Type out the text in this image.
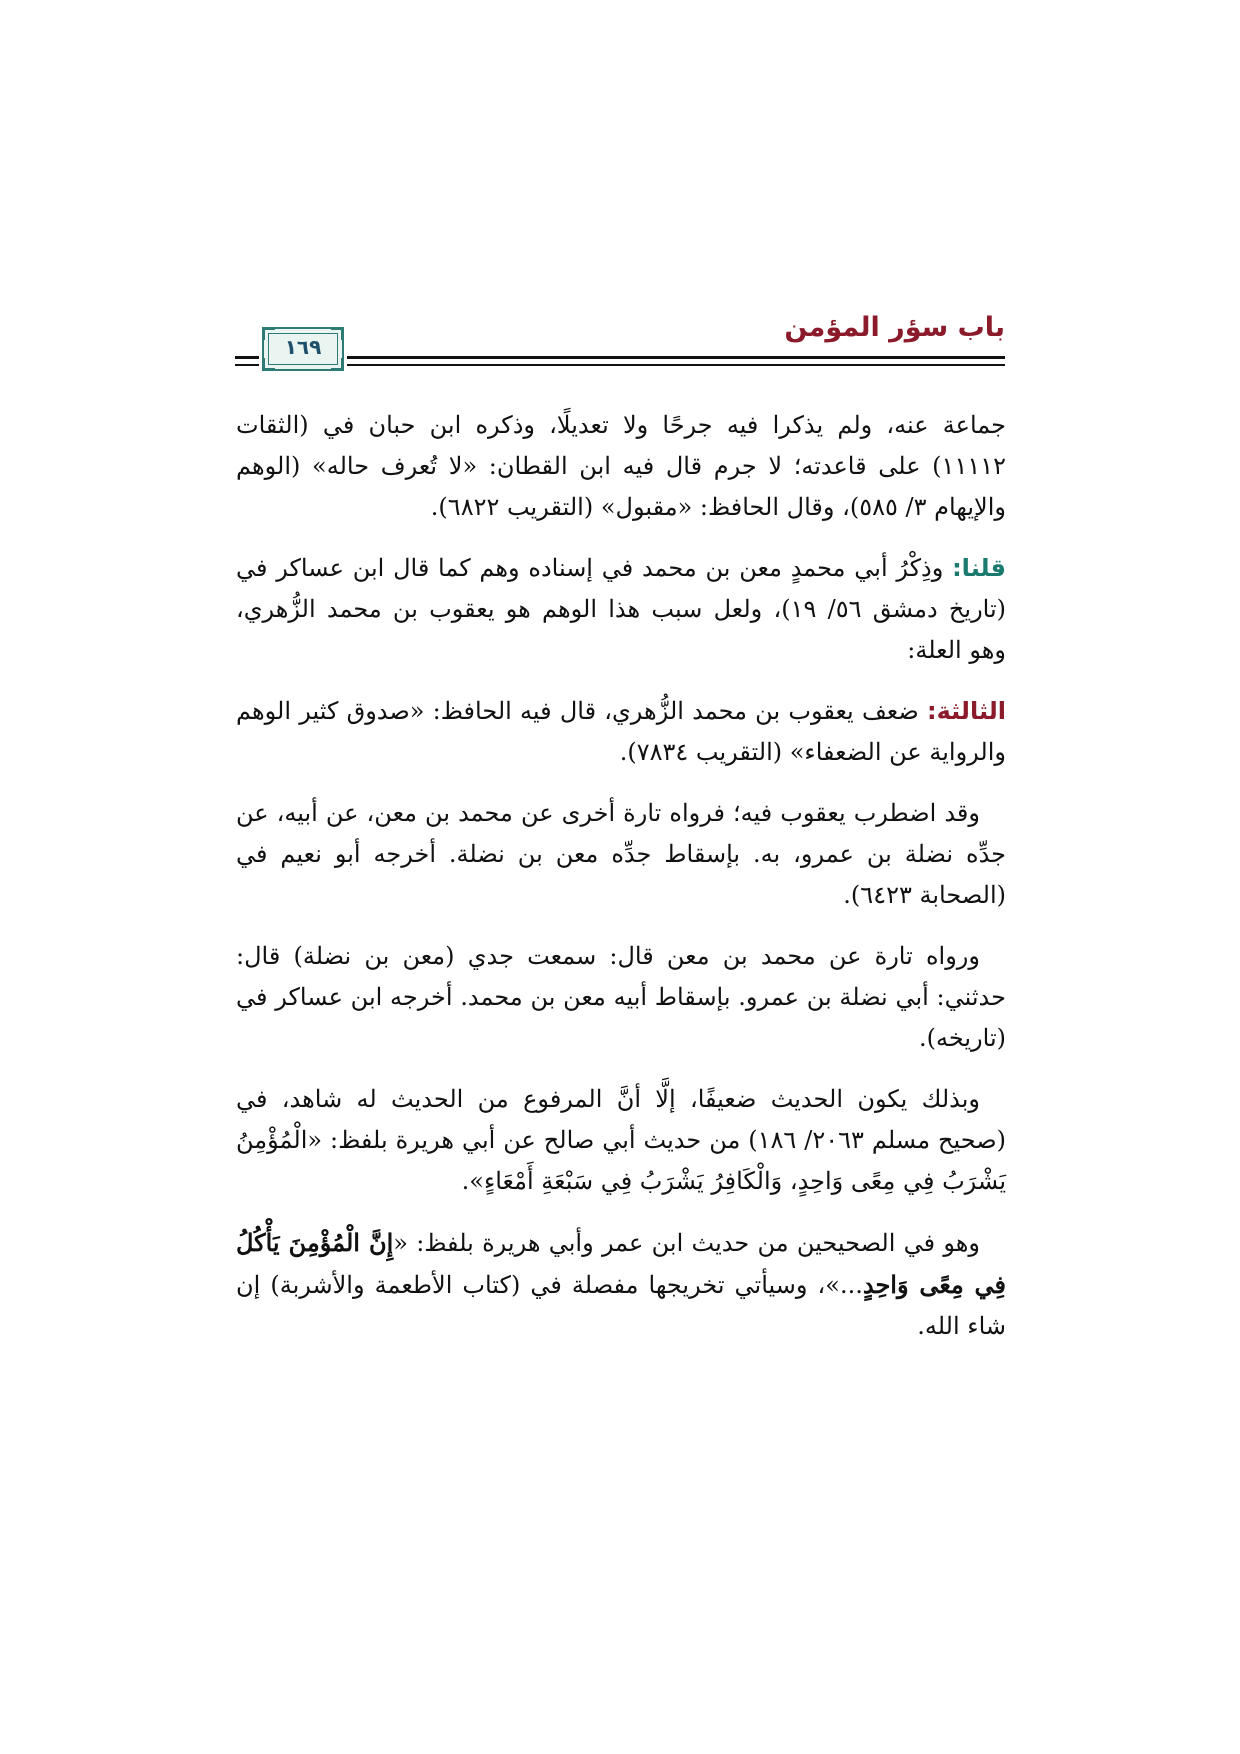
باب سؤر المؤمن
١٦٩

جماعة عنه، ولم يذكرا فيه جرحًا ولا تعديلًا، وذكره ابن حبان في (الثقات ١١١١٢) على قاعدته؛ لا جرم قال فيه ابن القطان: «لا تُعرف حاله» (الوهم والإيهام ٣/ ٥٨٥)، وقال الحافظ: «مقبول» (التقريب ٦٨٢٢).

قلنا: وذِكْرُ أبي محمدٍ معن بن محمد في إسناده وهم كما قال ابن عساكر في (تاريخ دمشق ٥٦/ ١٩)، ولعل سبب هذا الوهم هو يعقوب بن محمد الزُّهري، وهو العلة:

الثالثة: ضعف يعقوب بن محمد الزُّهري، قال فيه الحافظ: «صدوق كثير الوهم والرواية عن الضعفاء» (التقريب ٧٨٣٤).

وقد اضطرب يعقوب فيه؛ فرواه تارة أخرى عن محمد بن معن، عن أبيه، عن جدِّه نضلة بن عمرو، به. بإسقاط جدِّه معن بن نضلة. أخرجه أبو نعيم في (الصحابة ٦٤٢٣).

ورواه تارة عن محمد بن معن قال: سمعت جدي (معن بن نضلة) قال: حدثني: أبي نضلة بن عمرو. بإسقاط أبيه معن بن محمد. أخرجه ابن عساكر في (تاريخه).

وبذلك يكون الحديث ضعيفًا، إلَّا أنَّ المرفوع من الحديث له شاهد، في (صحيح مسلم ٢٠٦٣/ ١٨٦) من حديث أبي صالح عن أبي هريرة بلفظ: «الْمُؤْمِنُ يَشْرَبُ فِي مِعًى وَاحِدٍ، وَالْكَافِرُ يَشْرَبُ فِي سَبْعَةِ أَمْعَاءٍ».

وهو في الصحيحين من حديث ابن عمر وأبي هريرة بلفظ: «إِنَّ الْمُؤْمِنَ يَأْكُلُ فِي مِعًى وَاحِدٍ...»، وسيأتي تخريجها مفصلة في (كتاب الأطعمة والأشربة) إن شاء الله.
